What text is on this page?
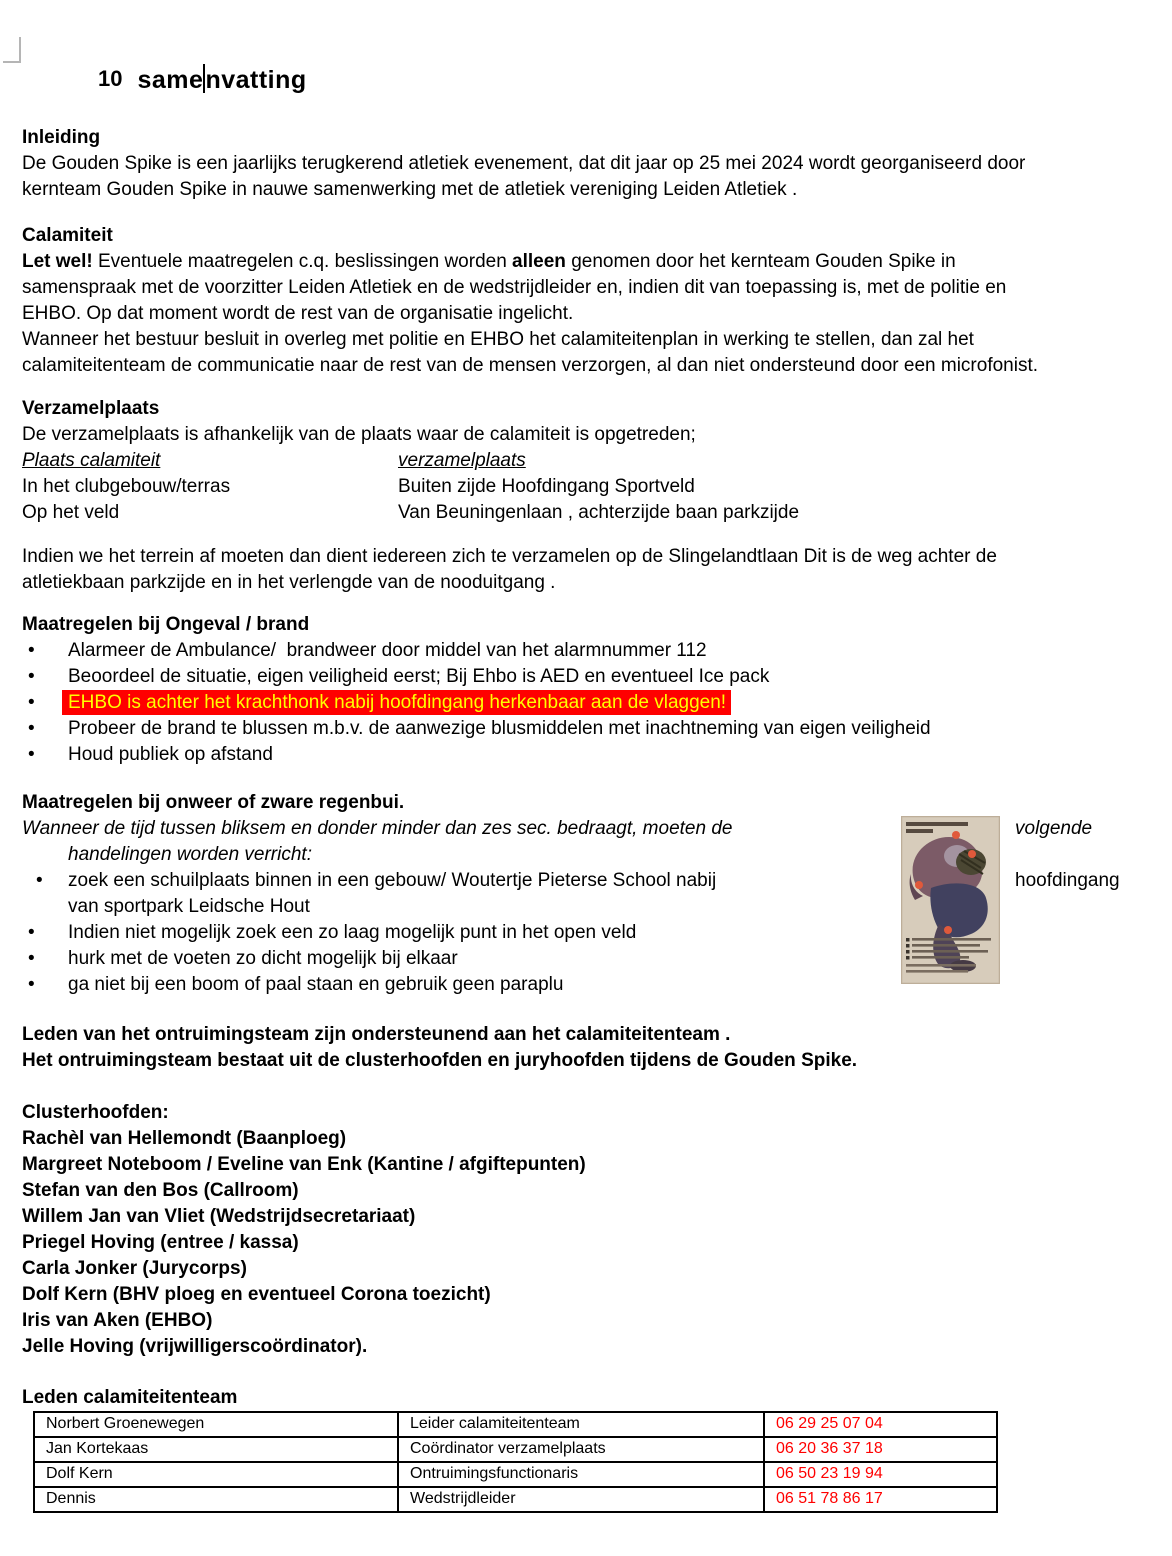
10 samenvatting
Inleiding
De Gouden Spike is een jaarlijks terugkerend atletiek evenement, dat dit jaar op 25 mei 2024 wordt georganiseerd door
kernteam Gouden Spike in nauwe samenwerking met de atletiek vereniging Leiden Atletiek .
Calamiteit
Let wel! Eventuele maatregelen c.q. beslissingen worden alleen genomen door het kernteam Gouden Spike in
samenspraak met de voorzitter Leiden Atletiek en de wedstrijdleider en, indien dit van toepassing is, met de politie en
EHBO. Op dat moment wordt de rest van de organisatie ingelicht.
Wanneer het bestuur besluit in overleg met politie en EHBO het calamiteitenplan in werking te stellen, dan zal het
calamiteitenteam de communicatie naar de rest van de mensen verzorgen, al dan niet ondersteund door een microfonist.
Verzamelplaats
De verzamelplaats is afhankelijk van de plaats waar de calamiteit is opgetreden;
Plaats calamiteit	verzamelplaats
In het clubgebouw/terras	Buiten zijde Hoofdingang Sportveld
Op het veld	Van Beuningenlaan , achterzijde baan parkzijde
Indien we het terrein af moeten dan dient iedereen zich te verzamelen op de Slingelandtlaan Dit is de weg achter de
atletiekbaan parkzijde en in het verlengde van de nooduitgang .
Maatregelen bij Ongeval / brand
• Alarmeer de Ambulance/  brandweer door middel van het alarmnummer 112
• Beoordeel de situatie, eigen veiligheid eerst; Bij Ehbo is AED en eventueel Ice pack
• EHBO is achter het krachthonk nabij hoofdingang herkenbaar aan de vlaggen!
• Probeer de brand te blussen m.b.v. de aanwezige blusmiddelen met inachtneming van eigen veiligheid
• Houd publiek op afstand
Maatregelen bij onweer of zware regenbui.
Wanneer de tijd tussen bliksem en donder minder dan zes sec. bedraagt, moeten de
handelingen worden verricht:
• zoek een schuilplaats binnen in een gebouw/ Woutertje Pieterse School nabij
van sportpark Leidsche Hout
• Indien niet mogelijk zoek een zo laag mogelijk punt in het open veld
• hurk met de voeten zo dicht mogelijk bij elkaar
• ga niet bij een boom of paal staan en gebruik geen paraplu
volgende
hoofdingang
Leden van het ontruimingsteam zijn ondersteunend aan het calamiteitenteam .
Het ontruimingsteam bestaat uit de clusterhoofden en juryhoofden tijdens de Gouden Spike.
Clusterhoofden:
Rachèl van Hellemondt (Baanploeg)
Margreet Noteboom / Eveline van Enk (Kantine / afgiftepunten)
Stefan van den Bos (Callroom)
Willem Jan van Vliet (Wedstrijdsecretariaat)
Priegel Hoving (entree / kassa)
Carla Jonker (Jurycorps)
Dolf Kern (BHV ploeg en eventueel Corona toezicht)
Iris van Aken (EHBO)
Jelle Hoving (vrijwilligerscoördinator).
Leden calamiteitenteam
Norbert Groenewegen	Leider calamiteitenteam	06 29 25 07 04
Jan Kortekaas	Coördinator verzamelplaats	06 20 36 37 18
Dolf Kern	Ontruimingsfunctionaris	06 50 23 19 94
Dennis	Wedstrijdleider	06 51 78 86 17
